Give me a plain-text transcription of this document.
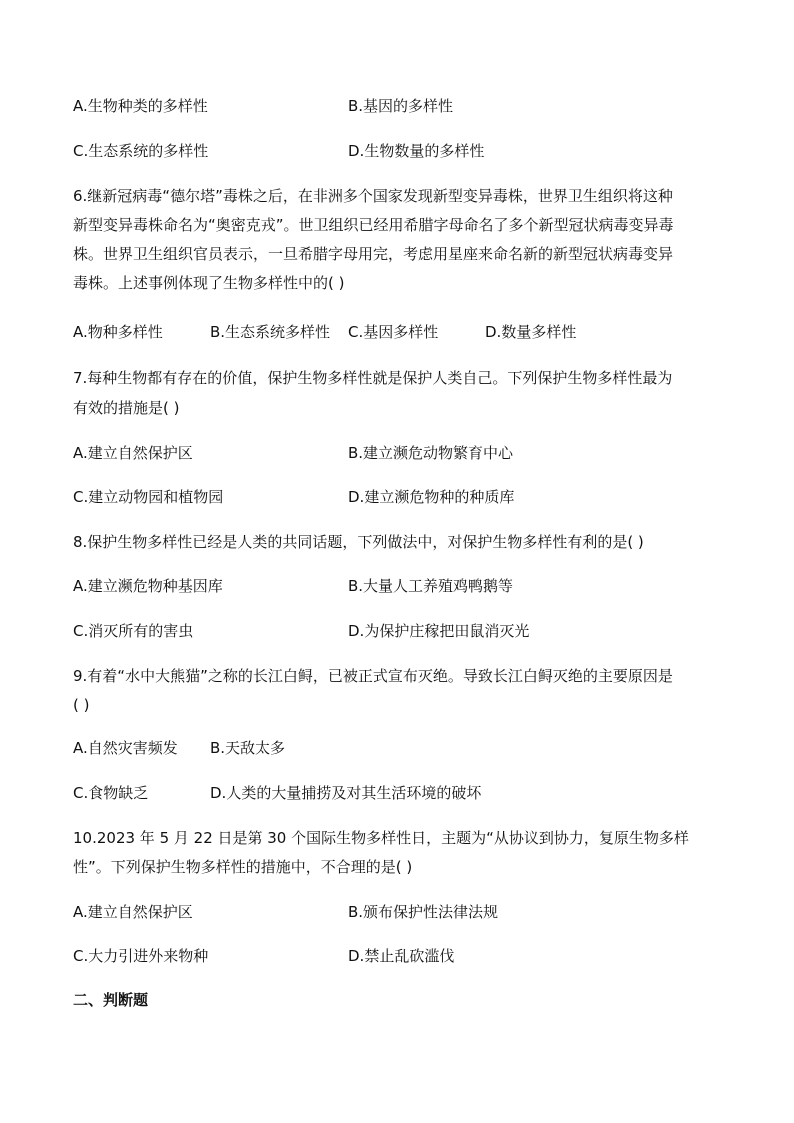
A.生物种类的多样性	B.基因的多样性
C.生态系统的多样性	D.生物数量的多样性
6.继新冠病毒“德尔塔”毒株之后，在非洲多个国家发现新型变异毒株，世界卫生组织将这种
新型变异毒株命名为“奥密克戎”。世卫组织已经用希腊字母命名了多个新型冠状病毒变异毒
株。世界卫生组织官员表示，一旦希腊字母用完，考虑用星座来命名新的新型冠状病毒变异
毒株。上述事例体现了生物多样性中的( )
A.物种多样性	B.生态系统多样性 C.基因多样性	D.数量多样性
7.每种生物都有存在的价值，保护生物多样性就是保护人类自己。下列保护生物多样性最为
有效的措施是( )
A.建立自然保护区	B.建立濒危动物繁育中心
C.建立动物园和植物园	D.建立濒危物种的种质库
8.保护生物多样性已经是人类的共同话题，下列做法中，对保护生物多样性有利的是( )
A.建立濒危物种基因库	B.大量人工养殖鸡鸭鹅等
C.消灭所有的害虫	D.为保护庄稼把田鼠消灭光
9.有着“水中大熊猫”之称的长江白鲟，已被正式宣布灭绝。导致长江白鲟灭绝的主要原因是
( )
A.自然灾害频发 B.天敌太多
C.食物缺乏	D.人类的大量捕捞及对其生活环境的破坏
10.2023 年 5 月 22 日是第 30 个国际生物多样性日，主题为“从协议到协力，复原生物多样
性”。下列保护生物多样性的措施中，不合理的是( )
A.建立自然保护区	B.颁布保护性法律法规
C.大力引进外来物种	D.禁止乱砍滥伐
二、判断题
